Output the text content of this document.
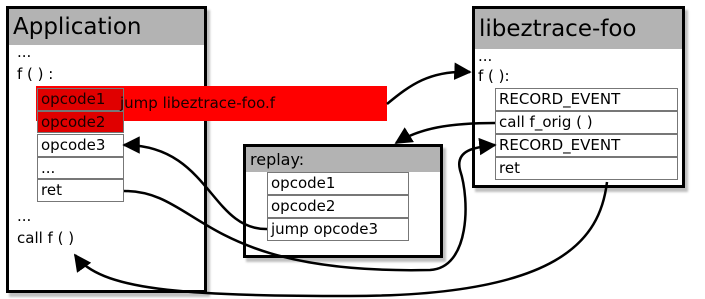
Application
...
f ( ) :
opcode1
opcode2
jump libeztrace-foo.f
opcode3
...
ret
...
call f ( )
libeztrace-foo
...
f ( ):
RECORD_EVENT
call f_orig ( )
RECORD_EVENT
ret
replay:
opcode1
opcode2
jump opcode3
